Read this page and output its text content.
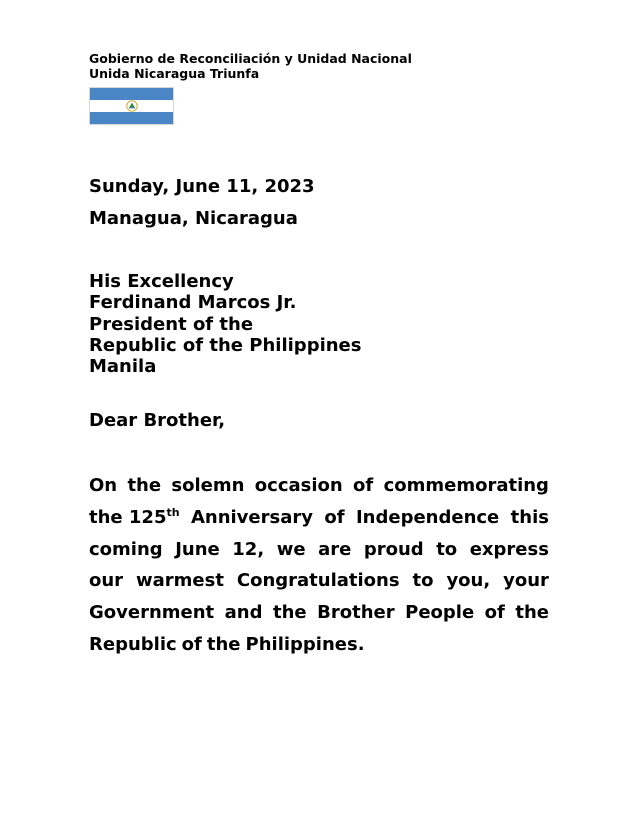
Gobierno de Reconciliación y Unidad Nacional
Unida Nicaragua Triunfa
Sunday, June 11, 2023
Managua, Nicaragua
His Excellency
Ferdinand Marcos Jr.
President of the
Republic of the Philippines
Manila
Dear Brother,
On the solemn occasion of commemorating
the 125th Anniversary of Independence this
coming June 12, we are proud to express
our warmest Congratulations to you, your
Government and the Brother People of the
Republic of the Philippines.
